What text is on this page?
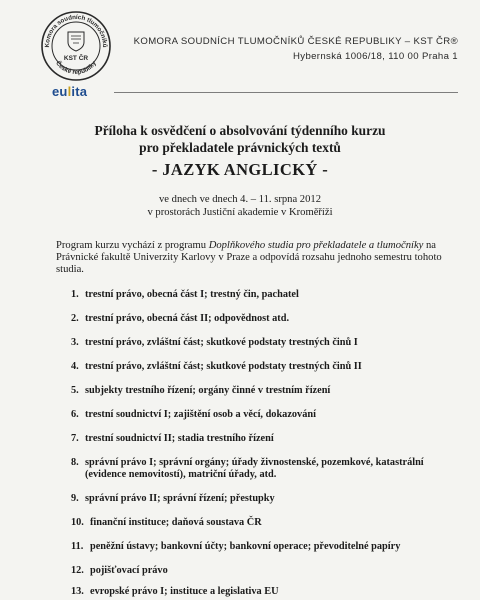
Komora soudních tlumočníků
České republiky
KST ČR
eulita
KOMORA SOUDNÍCH TLUMOČNÍKŮ ČESKÉ REPUBLIKY – KST ČR®
Hybernská 1006/18, 110 00 Praha 1
Příloha k osvědčení o absolvování týdenního kurzu
pro překladatele právnických textů
- JAZYK ANGLICKÝ -
ve dnech ve dnech 4. – 11. srpna 2012
v prostorách Justiční akademie v Kroměříži
Program kurzu vychází z programu Doplňkového studia pro překladatele a tlumočníky na
Právnické fakultě Univerzity Karlovy v Praze a odpovídá rozsahu jednoho semestru tohoto
studia.
1. trestní právo, obecná část I; trestný čin, pachatel
2. trestní právo, obecná část II; odpovědnost atd.
3. trestní právo, zvláštní část; skutkové podstaty trestných činů I
4. trestní právo, zvláštní část; skutkové podstaty trestných činů II
5. subjekty trestního řízení; orgány činné v trestním řízení
6. trestní soudnictví I; zajištění osob a věcí, dokazování
7. trestní soudnictví II; stadia trestního řízení
8. správní právo I; správní orgány; úřady živnostenské, pozemkové, katastrální (evidence nemovitostí), matriční úřady, atd.
9. správní právo II; správní řízení; přestupky
10. finanční instituce; daňová soustava ČR
11. peněžní ústavy; bankovní účty; bankovní operace; převoditelné papíry
12. pojišťovací právo
13. evropské právo I; instituce a legislativa EU
